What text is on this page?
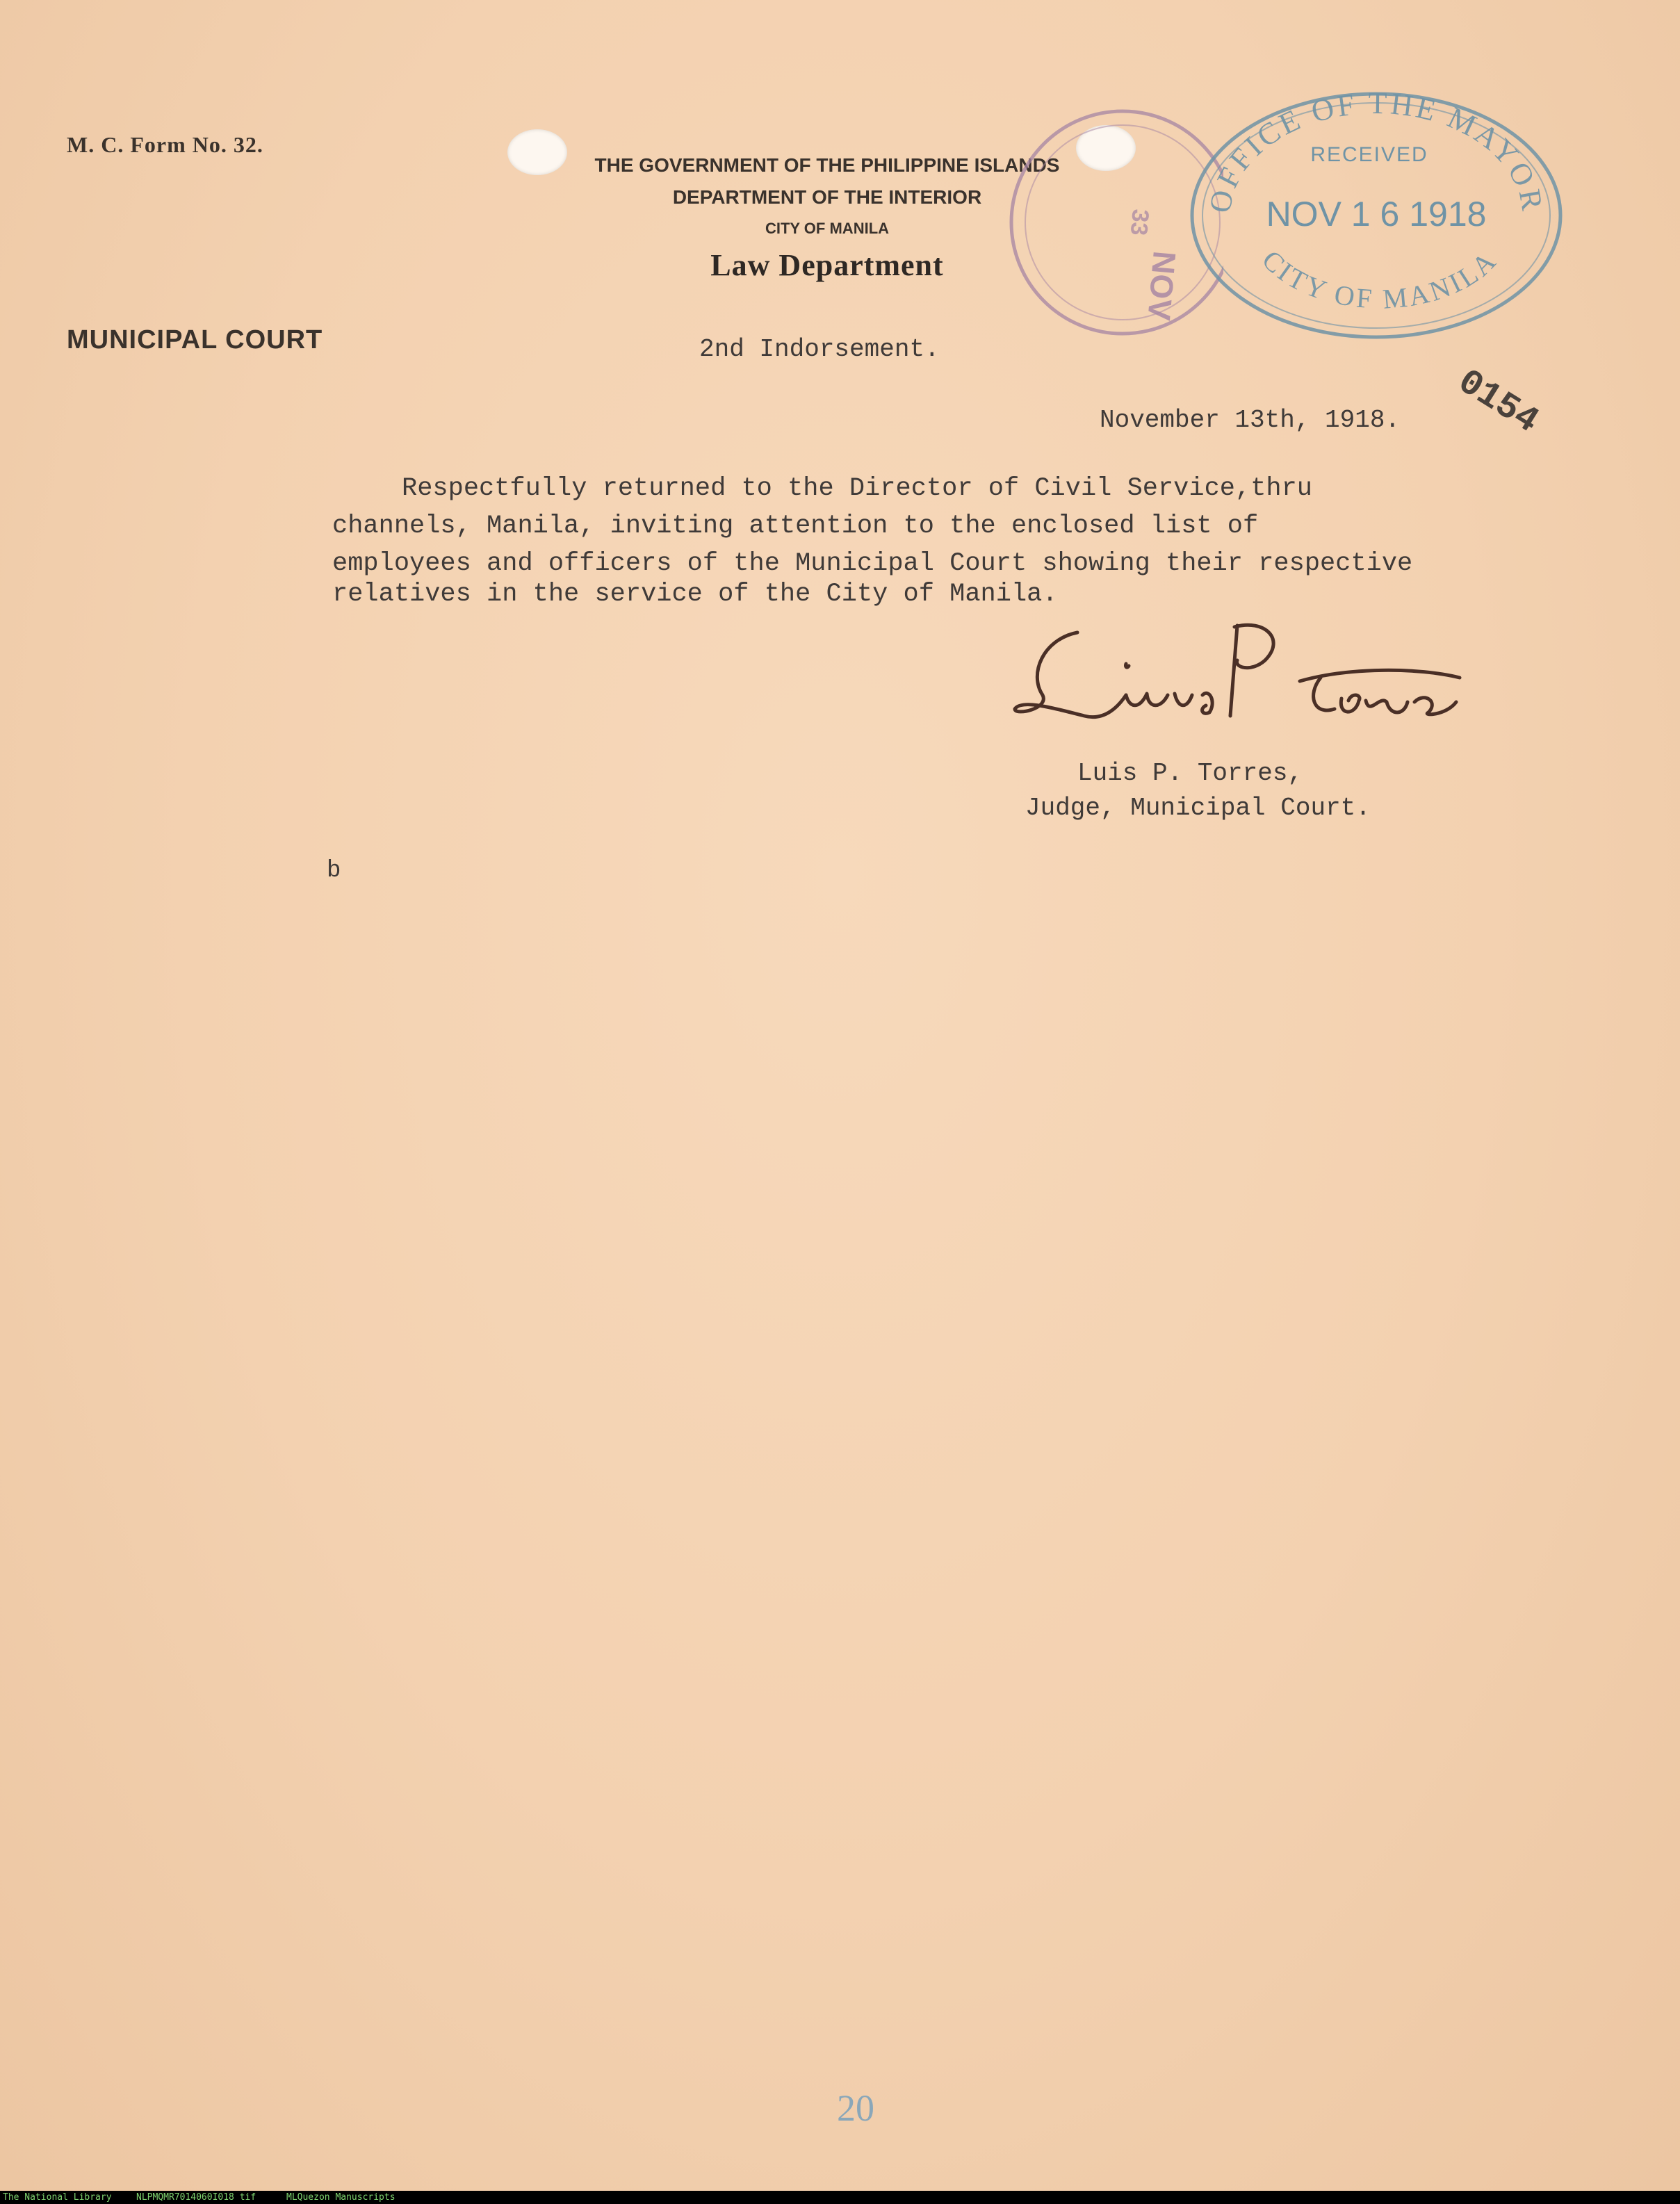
M. C. Form No. 32.
MUNICIPAL COURT
THE GOVERNMENT OF THE PHILIPPINE ISLANDS
DEPARTMENT OF THE INTERIOR
CITY OF MANILA
Law Department	NOV
33
OFFICE OF THE MAYOR
RECEIVED
NOV 1 6 1918
CITY OF MANILA
0154
2nd Indorsement.
November 13th, 1918.
Respectfully returned to the Director of Civil Service,thru
channels, Manila, inviting attention to the enclosed list of
employees and officers of the Municipal Court showing their respective
relatives in the service of the City of Manila.
Luis P. Torres,
Judge, Municipal Court.
b
20
The National Library	NLPMQMR7014060I018 tif	MLQuezon Manuscripts
